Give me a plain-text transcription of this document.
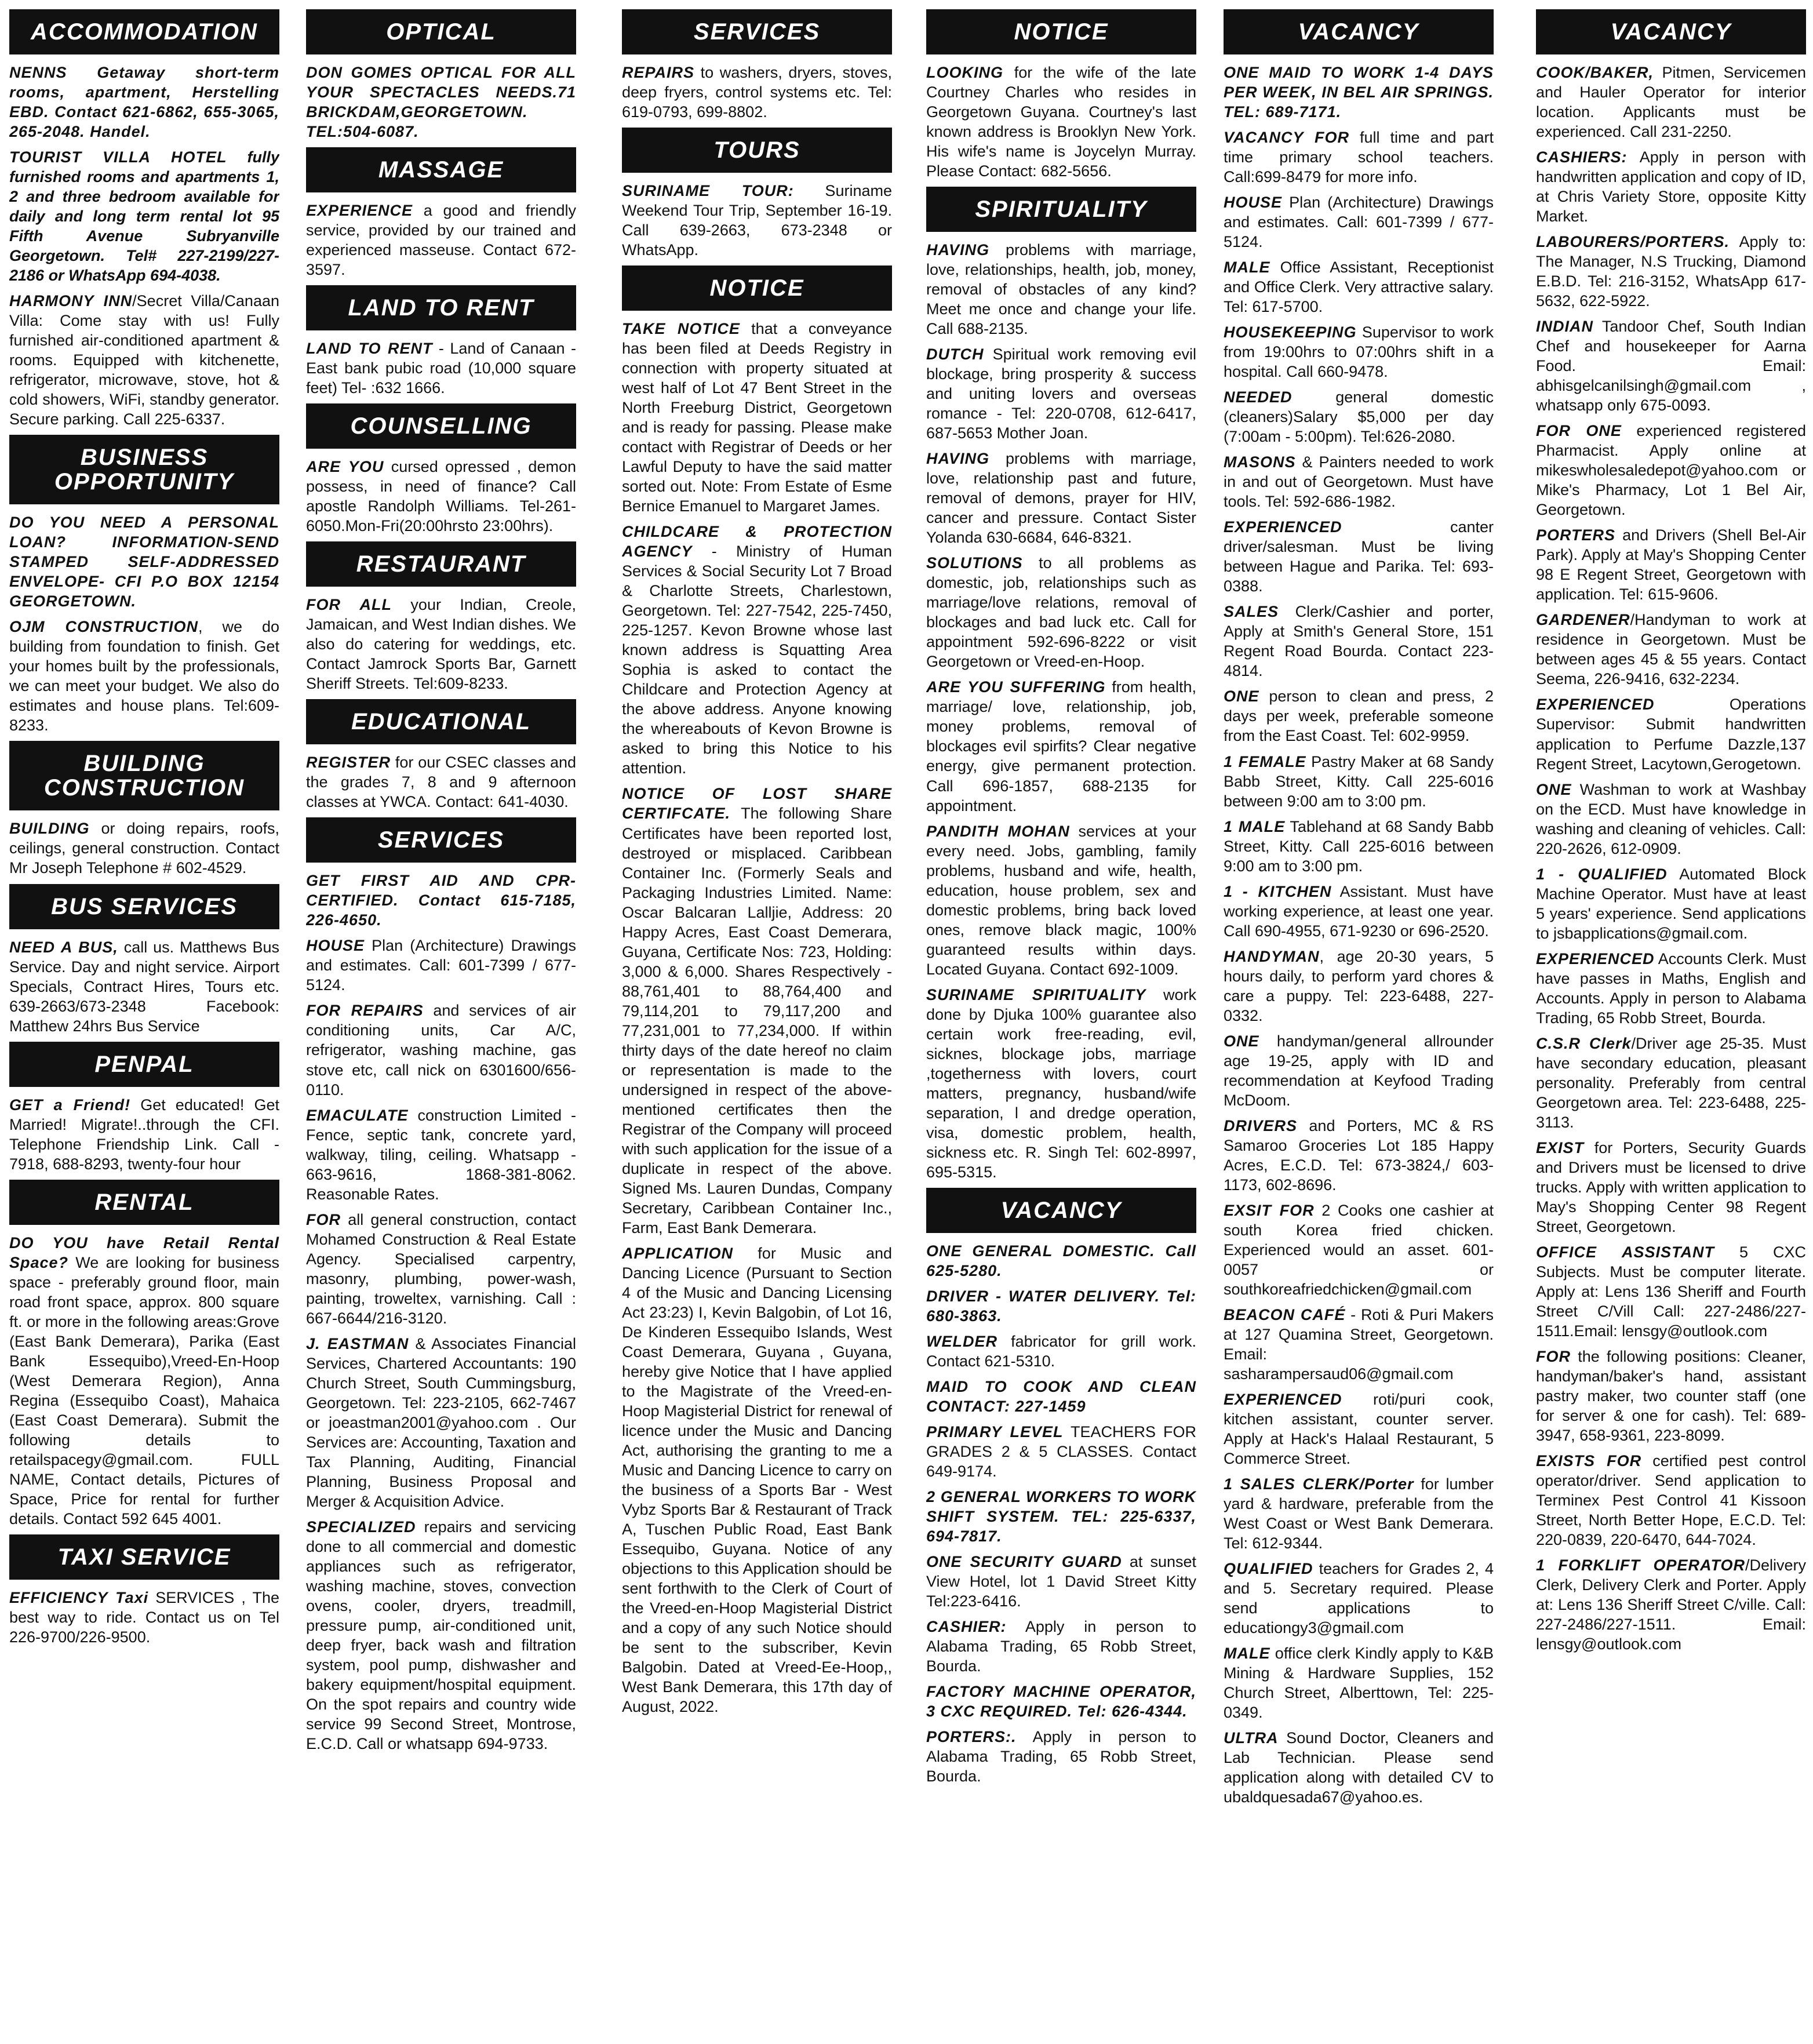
ACCOMMODATION

NENNS Getaway short-term rooms, apartment, Herstelling EBD. Contact 621-6862, 655-3065, 265-2048. Handel.

TOURIST VILLA HOTEL fully furnished rooms and apartments 1, 2 and three bedroom available for daily and long term rental lot 95 Fifth Avenue Subryanville Georgetown. Tel# 227-2199/227-2186 or WhatsApp 694-4038.

HARMONY INN/Secret Villa/Canaan Villa: Come stay with us! Fully furnished air-conditioned apartment & rooms. Equipped with kitchenette, refrigerator, microwave, stove, hot & cold showers, WiFi, standby generator. Secure parking. Call 225-6337.

BUSINESS OPPORTUNITY

DO YOU NEED A PERSONAL LOAN? INFORMATION-SEND STAMPED SELF-ADDRESSED ENVELOPE- CFI P.O BOX 12154 GEORGETOWN.

OJM CONSTRUCTION, we do building from foundation to finish. Get your homes built by the professionals, we can meet your budget. We also do estimates and house plans. Tel:609-8233.

BUILDING CONSTRUCTION

BUILDING or doing repairs, roofs, ceilings, general construction. Contact Mr Joseph Telephone # 602-4529.

BUS SERVICES

NEED A BUS, call us. Matthews Bus Service. Day and night service. Airport Specials, Contract Hires, Tours etc. 639-2663/673-2348 Facebook: Matthew 24hrs Bus Service

PENPAL

GET a Friend! Get educated! Get Married! Migrate!..through the CFI. Telephone Friendship Link. Call - 7918, 688-8293, twenty-four hour

RENTAL

DO YOU have Retail Rental Space? We are looking for business space - preferably ground floor, main road front space, approx. 800 square ft. or more in the following areas:Grove (East Bank Demerara), Parika (East Bank Essequibo),Vreed-En-Hoop (West Demerara Region), Anna Regina (Essequibo Coast), Mahaica (East Coast Demerara). Submit the following details to retailspacegy@gmail.com. FULL NAME, Contact details, Pictures of Space, Price for rental for further details. Contact 592 645 4001.

TAXI SERVICE

EFFICIENCY Taxi SERVICES , The best way to ride. Contact us on Tel 226-9700/226-9500.

OPTICAL

DON GOMES OPTICAL FOR ALL YOUR SPECTACLES NEEDS.71 BRICKDAM,GEORGETOWN. TEL:504-6087.

MASSAGE

EXPERIENCE a good and friendly service, provided by our trained and experienced masseuse. Contact 672-3597.

LAND TO RENT

LAND TO RENT - Land of Canaan - East bank pubic road (10,000 square feet) Tel- :632 1666.

COUNSELLING

ARE YOU cursed opressed , demon possess, in need of finance? Call apostle Randolph Williams. Tel-261-6050.Mon-Fri(20:00hrsto 23:00hrs).

RESTAURANT

FOR ALL your Indian, Creole, Jamaican, and West Indian dishes. We also do catering for weddings, etc. Contact Jamrock Sports Bar, Garnett Sheriff Streets. Tel:609-8233.

EDUCATIONAL

REGISTER for our CSEC classes and the grades 7, 8 and 9 afternoon classes at YWCA. Contact: 641-4030.

SERVICES

GET FIRST AID AND CPR-CERTIFIED. Contact 615-7185, 226-4650.

HOUSE Plan (Architecture) Drawings and estimates. Call: 601-7399 / 677-5124.

FOR REPAIRS and services of air conditioning units, Car A/C, refrigerator, washing machine, gas stove etc, call nick on 6301600/656-0110.

EMACULATE construction Limited - Fence, septic tank, concrete yard, walkway, tiling, ceiling. Whatsapp - 663-9616, 1868-381-8062. Reasonable Rates.

FOR all general construction, contact Mohamed Construction & Real Estate Agency. Specialised carpentry, masonry, plumbing, power-wash, painting, troweltex, varnishing. Call : 667-6644/216-3120.

J. EASTMAN & Associates Financial Services, Chartered Accountants: 190 Church Street, South Cummingsburg, Georgetown. Tel: 223-2105, 662-7467 or joeastman2001@yahoo.com . Our Services are: Accounting, Taxation and Tax Planning, Auditing, Financial Planning, Business Proposal and Merger & Acquisition Advice.

SPECIALIZED repairs and servicing done to all commercial and domestic appliances such as refrigerator, washing machine, stoves, convection ovens, cooler, dryers, treadmill, pressure pump, air-conditioned unit, deep fryer, back wash and filtration system, pool pump, dishwasher and bakery equipment/hospital equipment. On the spot repairs and country wide service 99 Second Street, Montrose, E.C.D. Call or whatsapp 694-9733.

SERVICES

REPAIRS to washers, dryers, stoves, deep fryers, control systems etc. Tel: 619-0793, 699-8802.

TOURS

SURINAME TOUR: Suriname Weekend Tour Trip, September 16-19. Call 639-2663, 673-2348 or WhatsApp.

NOTICE

TAKE NOTICE that a conveyance has been filed at Deeds Registry in connection with property situated at west half of Lot 47 Bent Street in the North Freeburg District, Georgetown and is ready for passing. Please make contact with Registrar of Deeds or her Lawful Deputy to have the said matter sorted out. Note: From Estate of Esme Bernice Emanuel to Margaret James.

CHILDCARE & PROTECTION AGENCY - Ministry of Human Services & Social Security Lot 7 Broad & Charlotte Streets, Charlestown, Georgetown. Tel: 227-7542, 225-7450, 225-1257. Kevon Browne whose last known address is Squatting Area Sophia is asked to contact the Childcare and Protection Agency at the above address. Anyone knowing the whereabouts of Kevon Browne is asked to bring this Notice to his attention.

NOTICE OF LOST SHARE CERTIFCATE. The following Share Certificates have been reported lost, destroyed or misplaced. Caribbean Container Inc. (Formerly Seals and Packaging Industries Limited. Name: Oscar Balcaran Lalljie, Address: 20 Happy Acres, East Coast Demerara, Guyana, Certificate Nos: 723, Holding: 3,000 & 6,000. Shares Respectively - 88,761,401 to 88,764,400 and 79,114,201 to 79,117,200 and 77,231,001 to 77,234,000. If within thirty days of the date hereof no claim or representation is made to the undersigned in respect of the above-mentioned certificates then the Registrar of the Company will proceed with such application for the issue of a duplicate in respect of the above. Signed Ms. Lauren Dundas, Company Secretary, Caribbean Container Inc., Farm, East Bank Demerara.

APPLICATION for Music and Dancing Licence (Pursuant to Section 4 of the Music and Dancing Licensing Act 23:23) I, Kevin Balgobin, of Lot 16, De Kinderen Essequibo Islands, West Coast Demerara, Guyana , Guyana, hereby give Notice that I have applied to the Magistrate of the Vreed-en-Hoop Magisterial District for renewal of licence under the Music and Dancing Act, authorising the granting to me a Music and Dancing Licence to carry on the business of a Sports Bar - West Vybz Sports Bar & Restaurant of Track A, Tuschen Public Road, East Bank Essequibo, Guyana. Notice of any objections to this Application should be sent forthwith to the Clerk of Court of the Vreed-en-Hoop Magisterial District and a copy of any such Notice should be sent to the subscriber, Kevin Balgobin. Dated at Vreed-Ee-Hoop,, West Bank Demerara, this 17th day of August, 2022.

NOTICE

LOOKING for the wife of the late Courtney Charles who resides in Georgetown Guyana. Courtney's last known address is Brooklyn New York. His wife's name is Joycelyn Murray. Please Contact: 682-5656.

SPIRITUALITY

HAVING problems with marriage, love, relationships, health, job, money, removal of obstacles of any kind? Meet me once and change your life. Call 688-2135.

DUTCH Spiritual work removing evil blockage, bring prosperity & success and uniting lovers and overseas romance - Tel: 220-0708, 612-6417, 687-5653 Mother Joan.

HAVING problems with marriage, love, relationship past and future, removal of demons, prayer for HIV, cancer and pressure. Contact Sister Yolanda 630-6684, 646-8321.

SOLUTIONS to all problems as domestic, job, relationships such as marriage/love relations, removal of blockages and bad luck etc. Call for appointment 592-696-8222 or visit Georgetown or Vreed-en-Hoop.

ARE YOU SUFFERING from health, marriage/ love, relationship, job, money problems, removal of blockages evil spirfits? Clear negative energy, give permanent protection. Call 696-1857, 688-2135 for appointment.

PANDITH MOHAN services at your every need. Jobs, gambling, family problems, husband and wife, health, education, house problem, sex and domestic problems, bring back loved ones, remove black magic, 100% guaranteed results within days. Located Guyana. Contact 692-1009.

SURINAME SPIRITUALITY work done by Djuka 100% guarantee also certain work free-reading, evil, sicknes, blockage jobs, marriage ,togetherness with lovers, court matters, pregnancy, husband/wife separation, l and dredge operation, visa, domestic problem, health, sickness etc. R. Singh Tel: 602-8997, 695-5315.

VACANCY

ONE GENERAL DOMESTIC. Call 625-5280.

DRIVER - WATER DELIVERY. Tel: 680-3863.

WELDER fabricator for grill work. Contact 621-5310.

MAID TO COOK AND CLEAN CONTACT: 227-1459

PRIMARY LEVEL TEACHERS FOR GRADES 2 & 5 CLASSES. Contact 649-9174.

2 GENERAL WORKERS TO WORK SHIFT SYSTEM. TEL: 225-6337, 694-7817.

ONE SECURITY GUARD at sunset View Hotel, lot 1 David Street Kitty Tel:223-6416.

CASHIER: Apply in person to Alabama Trading, 65 Robb Street, Bourda.

FACTORY MACHINE OPERATOR, 3 CXC REQUIRED. Tel: 626-4344.

PORTERS:. Apply in person to Alabama Trading, 65 Robb Street, Bourda.

VACANCY

ONE MAID TO WORK 1-4 DAYS PER WEEK, IN BEL AIR SPRINGS. TEL: 689-7171.

VACANCY FOR full time and part time primary school teachers. Call:699-8479 for more info.

HOUSE Plan (Architecture) Drawings and estimates. Call: 601-7399 / 677-5124.

MALE Office Assistant, Receptionist and Office Clerk. Very attractive salary. Tel: 617-5700.

HOUSEKEEPING Supervisor to work from 19:00hrs to 07:00hrs shift in a hospital. Call 660-9478.

NEEDED general domestic (cleaners)Salary $5,000 per day (7:00am - 5:00pm). Tel:626-2080.

MASONS & Painters needed to work in and out of Georgetown. Must have tools. Tel: 592-686-1982.

EXPERIENCED canter driver/salesman. Must be living between Hague and Parika. Tel: 693-0388.

SALES Clerk/Cashier and porter, Apply at Smith's General Store, 151 Regent Road Bourda. Contact 223-4814.

ONE person to clean and press, 2 days per week, preferable someone from the East Coast. Tel: 602-9959.

1 FEMALE Pastry Maker at 68 Sandy Babb Street, Kitty. Call 225-6016 between 9:00 am to 3:00 pm.

1 MALE Tablehand at 68 Sandy Babb Street, Kitty. Call 225-6016 between 9:00 am to 3:00 pm.

1 - KITCHEN Assistant. Must have working experience, at least one year. Call 690-4955, 671-9230 or 696-2520.

HANDYMAN, age 20-30 years, 5 hours daily, to perform yard chores & care a puppy. Tel: 223-6488, 227-0332.

ONE handyman/general allrounder age 19-25, apply with ID and recommendation at Keyfood Trading McDoom.

DRIVERS and Porters, MC & RS Samaroo Groceries Lot 185 Happy Acres, E.C.D. Tel: 673-3824,/ 603-1173, 602-8696.

EXSIT FOR 2 Cooks one cashier at south Korea fried chicken. Experienced would an asset. 601-0057 or southkoreafriedchicken@gmail.com

BEACON CAFÉ - Roti & Puri Makers at 127 Quamina Street, Georgetown. Email: sasharampersaud06@gmail.com

EXPERIENCED roti/puri cook, kitchen assistant, counter server. Apply at Hack's Halaal Restaurant, 5 Commerce Street.

1 SALES CLERK/Porter for lumber yard & hardware, preferable from the West Coast or West Bank Demerara. Tel: 612-9344.

QUALIFIED teachers for Grades 2, 4 and 5. Secretary required. Please send applications to educationgy3@gmail.com

MALE office clerk Kindly apply to K&B Mining & Hardware Supplies, 152 Church Street, Alberttown, Tel: 225-0349.

ULTRA Sound Doctor, Cleaners and Lab Technician. Please send application along with detailed CV to ubaldquesada67@yahoo.es.

VACANCY

COOK/BAKER, Pitmen, Servicemen and Hauler Operator for interior location. Applicants must be experienced. Call 231-2250.

CASHIERS: Apply in person with handwritten application and copy of ID, at Chris Variety Store, opposite Kitty Market.

LABOURERS/PORTERS. Apply to: The Manager, N.S Trucking, Diamond E.B.D. Tel: 216-3152, WhatsApp 617-5632, 622-5922.

INDIAN Tandoor Chef, South Indian Chef and housekeeper for Aarna Food. Email: abhisgelcanilsingh@gmail.com , whatsapp only 675-0093.

FOR ONE experienced registered Pharmacist. Apply online at mikeswholesaledepot@yahoo.com or Mike's Pharmacy, Lot 1 Bel Air, Georgetown.

PORTERS and Drivers (Shell Bel-Air Park). Apply at May's Shopping Center 98 E Regent Street, Georgetown with application. Tel: 615-9606.

GARDENER/Handyman to work at residence in Georgetown. Must be between ages 45 & 55 years. Contact Seema, 226-9416, 632-2234.

EXPERIENCED Operations Supervisor: Submit handwritten application to Perfume Dazzle,137 Regent Street, Lacytown,Gerogetown.

ONE Washman to work at Washbay on the ECD. Must have knowledge in washing and cleaning of vehicles. Call: 220-2626, 612-0909.

1 - QUALIFIED Automated Block Machine Operator. Must have at least 5 years' experience. Send applications to jsbapplications@gmail.com.

EXPERIENCED Accounts Clerk. Must have passes in Maths, English and Accounts. Apply in person to Alabama Trading, 65 Robb Street, Bourda.

C.S.R Clerk/Driver age 25-35. Must have secondary education, pleasant personality. Preferably from central Georgetown area. Tel: 223-6488, 225-3113.

EXIST for Porters, Security Guards and Drivers must be licensed to drive trucks. Apply with written application to May's Shopping Center 98 Regent Street, Georgetown.

OFFICE ASSISTANT 5 CXC Subjects. Must be computer literate. Apply at: Lens 136 Sheriff and Fourth Street C/Vill Call: 227-2486/227-1511.Email: lensgy@outlook.com

FOR the following positions: Cleaner, handyman/baker's hand, assistant pastry maker, two counter staff (one for server & one for cash). Tel: 689-3947, 658-9361, 223-8099.

EXISTS FOR certified pest control operator/driver. Send application to Terminex Pest Control 41 Kissoon Street, North Better Hope, E.C.D. Tel: 220-0839, 220-6470, 644-7024.

1 FORKLIFT OPERATOR/Delivery Clerk, Delivery Clerk and Porter. Apply at: Lens 136 Sheriff Street C/ville. Call: 227-2486/227-1511. Email: lensgy@outlook.com
